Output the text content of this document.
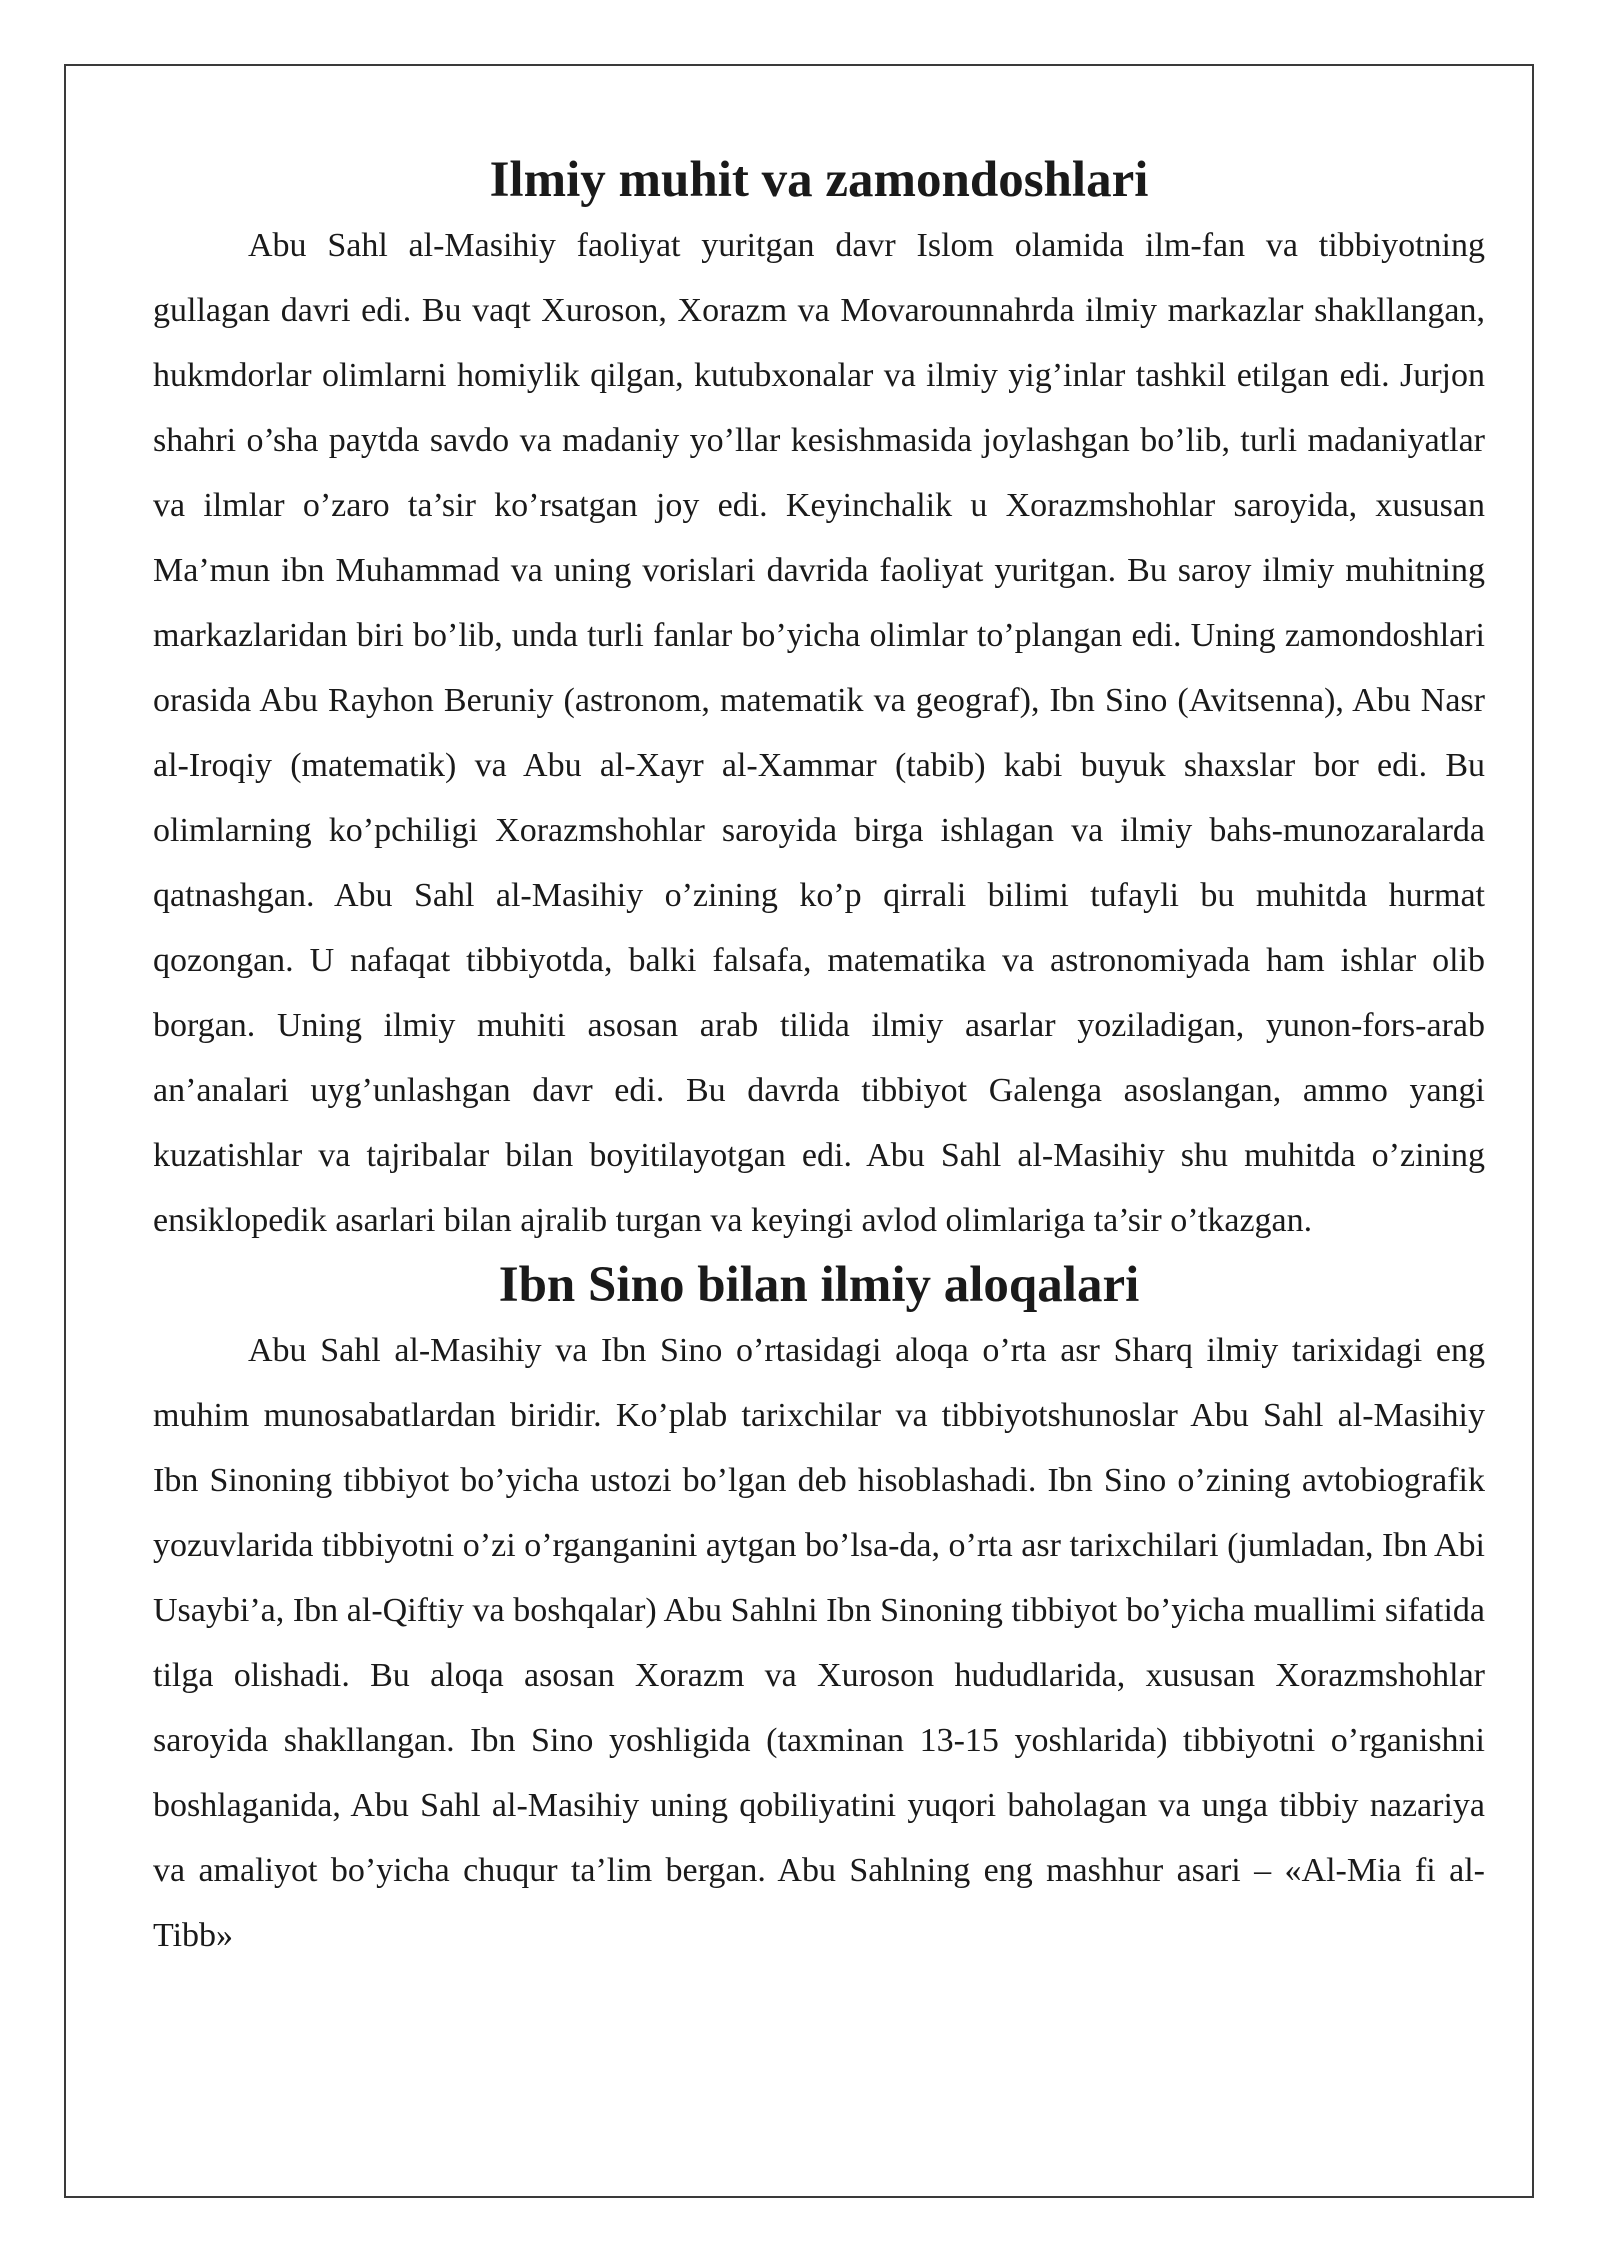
Ilmiy muhit va zamondoshlari

Abu Sahl al-Masihiy faoliyat yuritgan davr Islom olamida ilm-fan va tibbiyotning gullagan davri edi. Bu vaqt Xuroson, Xorazm va Movarounnahrda ilmiy markazlar shakllangan, hukmdorlar olimlarni homiylik qilgan, kutubxonalar va ilmiy yig’inlar tashkil etilgan edi. Jurjon shahri o’sha paytda savdo va madaniy yo’llar kesishmasida joylashgan bo’lib, turli madaniyatlar va ilmlar o’zaro ta’sir ko’rsatgan joy edi. Keyinchalik u Xorazmshohlar saroyida, xususan Ma’mun ibn Muhammad va uning vorislari davrida faoliyat yuritgan. Bu saroy ilmiy muhitning markazlaridan biri bo’lib, unda turli fanlar bo’yicha olimlar to’plangan edi. Uning zamondoshlari orasida Abu Rayhon Beruniy (astronom, matematik va geograf), Ibn Sino (Avitsenna), Abu Nasr al-Iroqiy (matematik) va Abu al-Xayr al-Xammar (tabib) kabi buyuk shaxslar bor edi. Bu olimlarning ko’pchiligi Xorazmshohlar saroyida birga ishlagan va ilmiy bahs-munozaralarda qatnashgan. Abu Sahl al-Masihiy o’zining ko’p qirrali bilimi tufayli bu muhitda hurmat qozongan. U nafaqat tibbiyotda, balki falsafa, matematika va astronomiyada ham ishlar olib borgan. Uning ilmiy muhiti asosan arab tilida ilmiy asarlar yoziladigan, yunon-fors-arab an’analari uyg’unlashgan davr edi. Bu davrda tibbiyot Galenga asoslangan, ammo yangi kuzatishlar va tajribalar bilan boyitilayotgan edi. Abu Sahl al-Masihiy shu muhitda o’zining ensiklopedik asarlari bilan ajralib turgan va keyingi avlod olimlariga ta’sir o’tkazgan.

Ibn Sino bilan ilmiy aloqalari

Abu Sahl al-Masihiy va Ibn Sino o’rtasidagi aloqa o’rta asr Sharq ilmiy tarixidagi eng muhim munosabatlardan biridir. Ko’plab tarixchilar va tibbiyotshunoslar Abu Sahl al-Masihiy Ibn Sinoning tibbiyot bo’yicha ustozi bo’lgan deb hisoblashadi. Ibn Sino o’zining avtobiografik yozuvlarida tibbiyotni o’zi o’rganganini aytgan bo’lsa-da, o’rta asr tarixchilari (jumladan, Ibn Abi Usaybi’a, Ibn al-Qiftiy va boshqalar) Abu Sahlni Ibn Sinoning tibbiyot bo’yicha muallimi sifatida tilga olishadi. Bu aloqa asosan Xorazm va Xuroson hududlarida, xususan Xorazmshohlar saroyida shakllangan. Ibn Sino yoshligida (taxminan 13-15 yoshlarida) tibbiyotni o’rganishni boshlaganida, Abu Sahl al-Masihiy uning qobiliyatini yuqori baholagan va unga tibbiy nazariya va amaliyot bo’yicha chuqur ta’lim bergan. Abu Sahlning eng mashhur asari – «Al-Mia fi al-Tibb»
